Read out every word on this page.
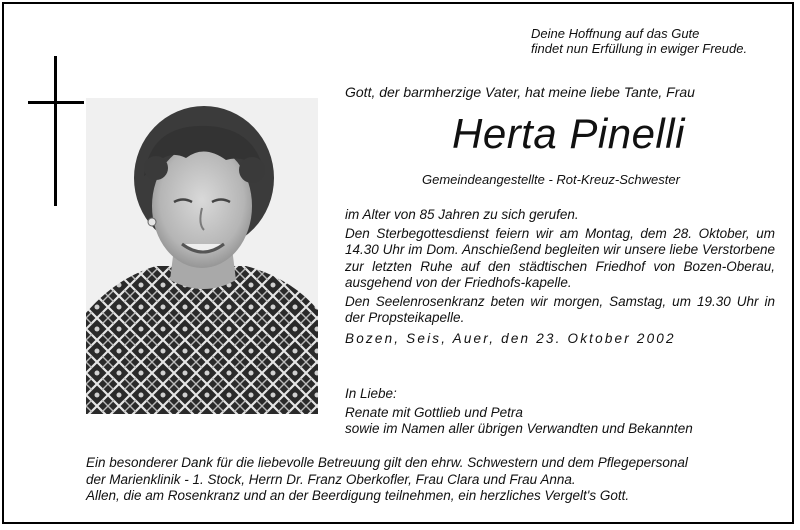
Deine Hoffnung auf das Gute
findet nun Erfüllung in ewiger Freude.
Gott, der barmherzige Vater, hat meine liebe Tante, Frau
Herta Pinelli
Gemeindeangestellte - Rot-Kreuz-Schwester

im Alter von 85 Jahren zu sich gerufen.

Den Sterbegottesdienst feiern wir am Montag, dem 28. Oktober, um 14.30 Uhr im Dom. Anschießend begleiten wir unsere liebe Verstorbene zur letzten Ruhe auf den städtischen Friedhof von Bozen-Oberau, ausgehend von der Friedhofs-kapelle.

Den Seelenrosenkranz beten wir morgen, Samstag, um 19.30 Uhr in der Propsteikapelle.

Bozen, Seis, Auer, den 23. Oktober 2002

In Liebe:

Renate mit Gottlieb und Petra

sowie im Namen aller übrigen Verwandten und Bekannten

Ein besonderer Dank für die liebevolle Betreuung gilt den ehrw. Schwestern und dem Pflegepersonal

der Marienklinik - 1. Stock, Herrn Dr. Franz Oberkofler, Frau Clara und Frau Anna.

Allen, die am Rosenkranz und an der Beerdigung teilnehmen, ein herzliches Vergelt's Gott.
